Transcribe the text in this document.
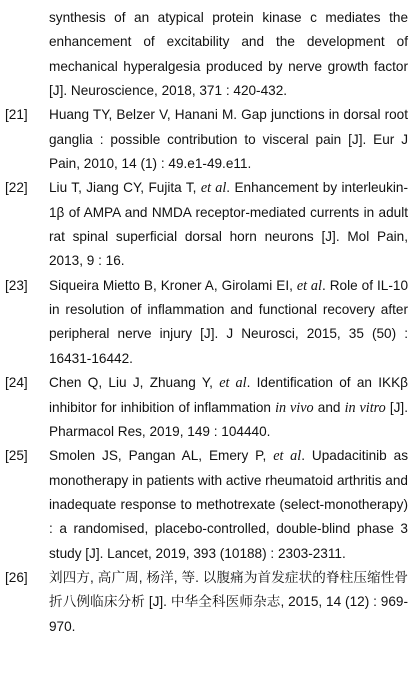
synthesis of an atypical protein kinase c mediates the enhancement of excitability and the development of mechanical hyperalgesia produced by nerve growth factor [J]. Neuroscience, 2018, 371 : 420-432.
[21]	Huang TY, Belzer V, Hanani M. Gap junctions in dorsal root ganglia : possible contribution to visceral pain [J]. Eur J Pain, 2010, 14 (1) : 49.e1-49.e11.
[22]	Liu T, Jiang CY, Fujita T, et al. Enhancement by interleukin-1β of AMPA and NMDA receptor-mediated currents in adult rat spinal superficial dorsal horn neurons [J]. Mol Pain, 2013, 9 : 16.
[23]	Siqueira Mietto B, Kroner A, Girolami EI, et al. Role of IL-10 in resolution of inflammation and functional recovery after peripheral nerve injury [J]. J Neurosci, 2015, 35 (50) : 16431-16442.
[24]	Chen Q, Liu J, Zhuang Y, et al. Identification of an IKKβ inhibitor for inhibition of inflammation in vivo and in vitro [J]. Pharmacol Res, 2019, 149 : 104440.
[25]	Smolen JS, Pangan AL, Emery P, et al. Upadacitinib as monotherapy in patients with active rheumatoid arthritis and inadequate response to methotrexate (select-monotherapy) : a randomised, placebo-controlled, double-blind phase 3 study [J]. Lancet, 2019, 393 (10188) : 2303-2311.
[26]	刘四方, 高广周, 杨洋, 等. 以腹痛为首发症状的脊柱压缩性骨折八例临床分析 [J]. 中华全科医师杂志, 2015, 14 (12) : 969-970.
